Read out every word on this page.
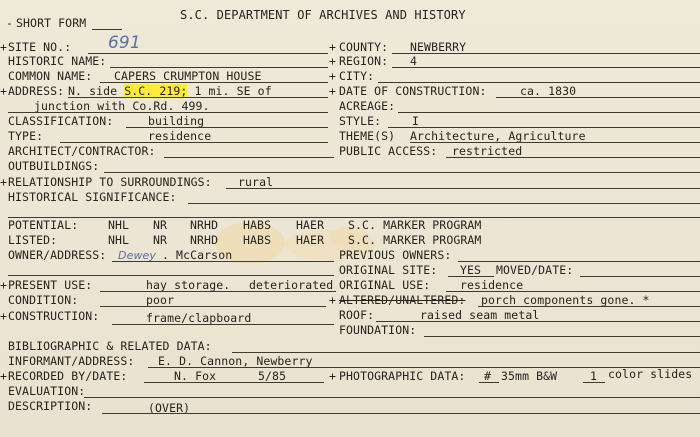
- SHORT FORM
S.C. DEPARTMENT OF ARCHIVES AND HISTORY
+ SITE NO.: 691
HISTORIC NAME:
COMMON NAME: CAPERS CRUMPTON HOUSE
+ ADDRESS: N. side S.C. 219; 1 mi. SE of
junction with Co.Rd. 499.
CLASSIFICATION:	building
TYPE:	residence
ARCHITECT/CONTRACTOR:
OUTBUILDINGS:
+ COUNTY: NEWBERRY
+ REGION: 4
+ CITY:
+ DATE OF CONSTRUCTION:	ca. 1830
ACREAGE:
STYLE:	I
THEME(S) Architecture, Agriculture
PUBLIC ACCESS: restricted
+ RELATIONSHIP TO SURROUNDINGS: rural
HISTORICAL SIGNIFICANCE:
POTENTIAL:	NHL NR NRHD HABS HAER S.C. MARKER PROGRAM
LISTED:	NHL NR NRHD HABS HAER S.C. MARKER PROGRAM
OWNER/ADDRESS: Dewey . McCarson	PREVIOUS OWNERS:
ORIGINAL SITE: YES MOVED/DATE:
+ PRESENT USE:	hay storage. deteriorated ORIGINAL USE:	residence
CONDITION:	poor	+ ALTERED/UNALTERED: porch components gone. *
+ CONSTRUCTION:	frame/clapboard	ROOF:	raised seam metal
FOUNDATION:
BIBLIOGRAPHIC & RELATED DATA:
INFORMANT/ADDRESS: E. D. Cannon, Newberry
+ RECORDED BY/DATE:	N. Fox	5/85	+ PHOTOGRAPHIC DATA: # 35mm B&W	1 color slides
EVALUATION:
DESCRIPTION:	(OVER)
